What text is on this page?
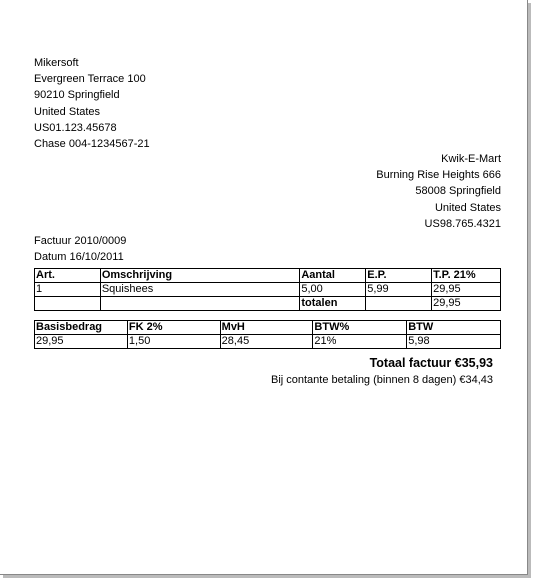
Mikersoft
Evergreen Terrace 100
90210 Springfield
United States
US01.123.45678
Chase 004-1234567-21
Kwik-E-Mart
Burning Rise Heights 666
58008 Springfield
United States
US98.765.4321
Factuur 2010/0009
Datum 16/10/2011
Art.	Omschrijving	Aantal	E.P.	T.P. 21%
1	Squishees	5,00	5,99	29,95
		totalen		29,95
Basisbedrag	FK 2%	MvH	BTW%	BTW
29,95	1,50	28,45	21%	5,98
Totaal factuur €35,93
Bij contante betaling (binnen 8 dagen) €34,43
